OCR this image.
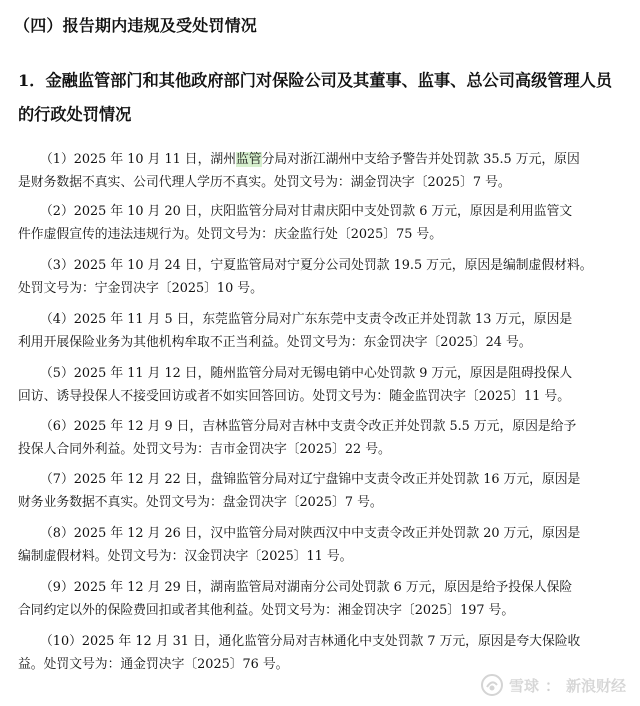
（四）报告期内违规及受处罚情况
1．金融监管部门和其他政府部门对保险公司及其董事、监事、总公司高级管理人员
的行政处罚情况
（1）2025 年 10 月 11 日，湖州监管分局对浙江湖州中支给予警告并处罚款 35.5 万元，原因
是财务数据不真实、公司代理人学历不真实。处罚文号为：湖金罚决字〔2025〕7 号。
（2）2025 年 10 月 20 日，庆阳监管分局对甘肃庆阳中支处罚款 6 万元，原因是利用监管文
件作虚假宣传的违法违规行为。处罚文号为：庆金监行处〔2025〕75 号。
（3）2025 年 10 月 24 日，宁夏监管局对宁夏分公司处罚款 19.5 万元，原因是编制虚假材料。
处罚文号为：宁金罚决字〔2025〕10 号。
（4）2025 年 11 月 5 日，东莞监管分局对广东东莞中支责令改正并处罚款 13 万元，原因是
利用开展保险业务为其他机构牟取不正当利益。处罚文号为：东金罚决字〔2025〕24 号。
（5）2025 年 11 月 12 日，随州监管分局对无锡电销中心处罚款 9 万元，原因是阻碍投保人
回访、诱导投保人不接受回访或者不如实回答回访。处罚文号为：随金监罚决字〔2025〕11 号。
（6）2025 年 12 月 9 日，吉林监管分局对吉林中支责令改正并处罚款 5.5 万元，原因是给予
投保人合同外利益。处罚文号为：吉市金罚决字〔2025〕22 号。
（7）2025 年 12 月 22 日，盘锦监管分局对辽宁盘锦中支责令改正并处罚款 16 万元，原因是
财务业务数据不真实。处罚文号为：盘金罚决字〔2025〕7 号。
（8）2025 年 12 月 26 日，汉中监管分局对陕西汉中中支责令改正并处罚款 20 万元，原因是
编制虚假材料。处罚文号为：汉金罚决字〔2025〕11 号。
（9）2025 年 12 月 29 日，湖南监管局对湖南分公司处罚款 6 万元，原因是给予投保人保险
合同约定以外的保险费回扣或者其他利益。处罚文号为：湘金罚决字〔2025〕197 号。
（10）2025 年 12 月 31 日，通化监管分局对吉林通化中支处罚款 7 万元，原因是夸大保险收
益。处罚文号为：通金罚决字〔2025〕76 号。
雪球 ： 新浪财经
